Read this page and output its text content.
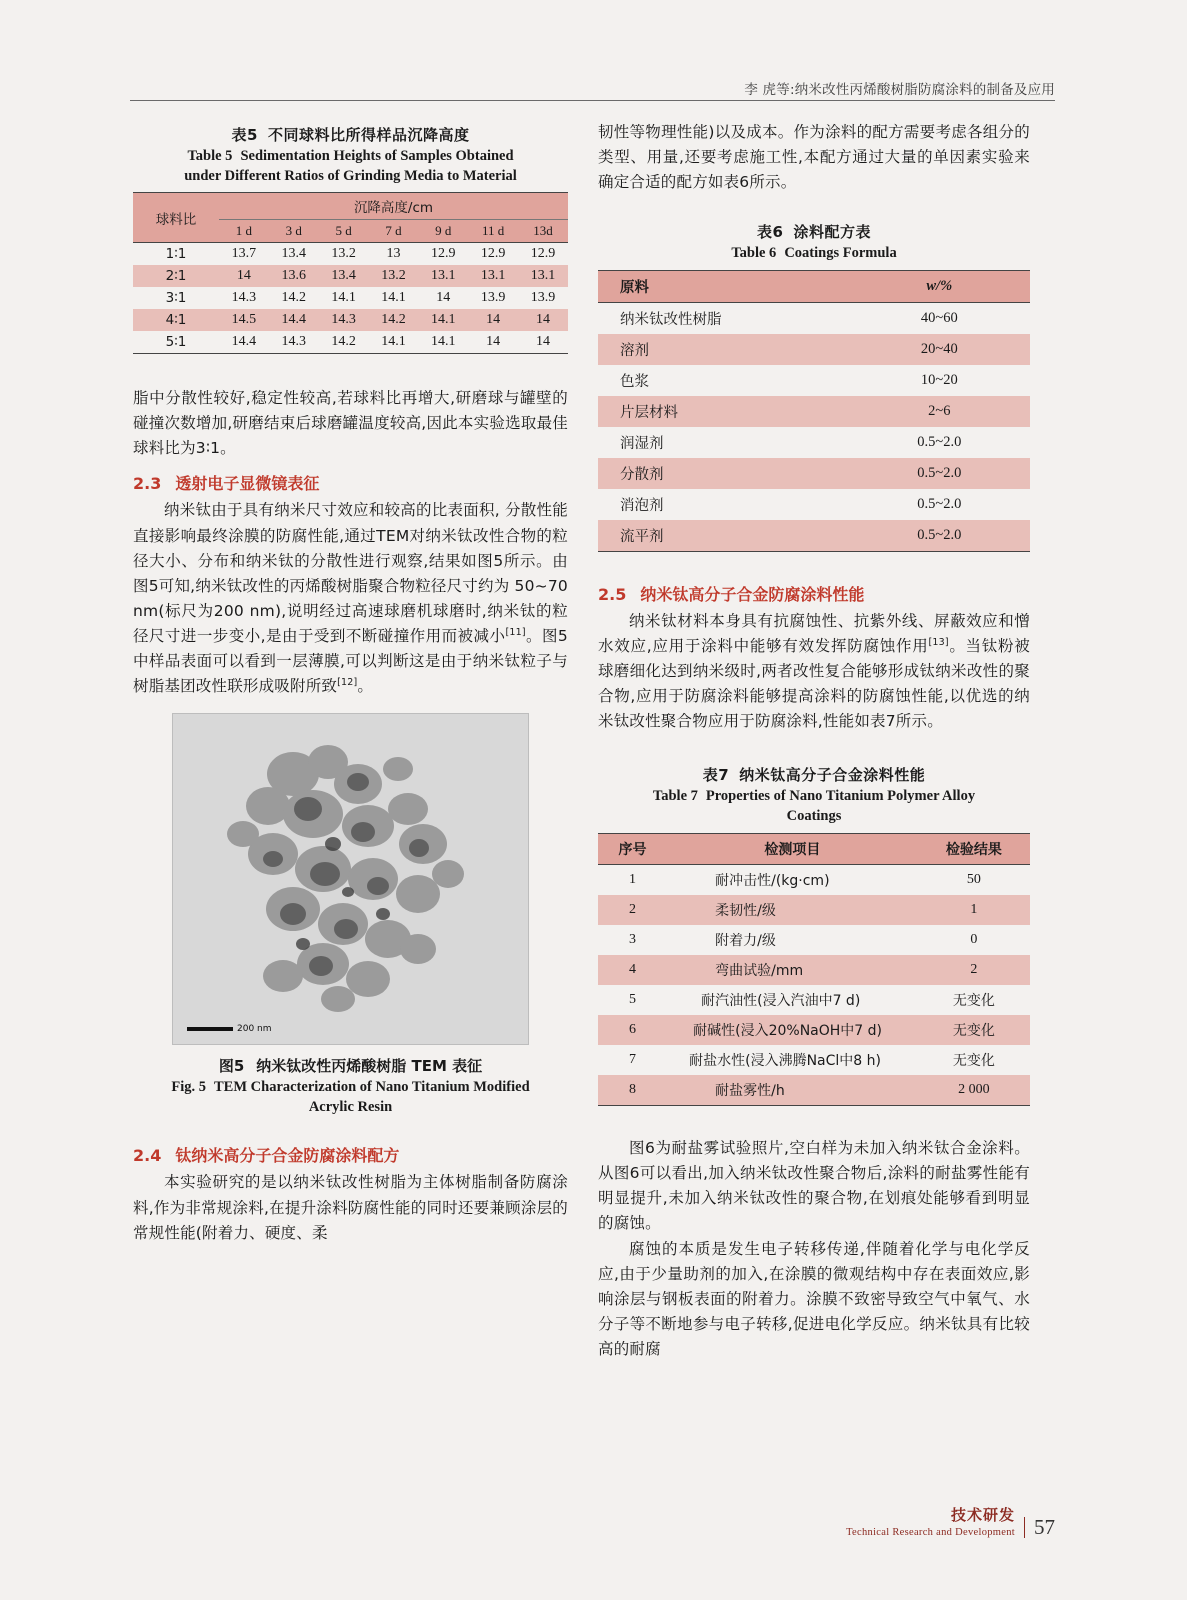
李 虎等:纳米改性丙烯酸树脂防腐涂料的制备及应用
表5 不同球料比所得样品沉降高度
Table 5 Sedimentation Heights of Samples Obtained
under Different Ratios of Grinding Media to Material
球料比	沉降高度/cm						
	1 d	3 d	5 d	7 d	9 d	11 d	13d
1∶1	13.7	13.4	13.2	13	12.9	12.9	12.9
2∶1	14	13.6	13.4	13.2	13.1	13.1	13.1
3∶1	14.3	14.2	14.1	14.1	14	13.9	13.9
4∶1	14.5	14.4	14.3	14.2	14.1	14	14
5∶1	14.4	14.3	14.2	14.1	14.1	14	14

脂中分散性较好,稳定性较高,若球料比再增大,研磨球与罐壁的碰撞次数增加,研磨结束后球磨罐温度较高,因此本实验选取最佳球料比为3∶1。

2.3 透射电子显微镜表征

纳米钛由于具有纳米尺寸效应和较高的比表面积, 分散性能直接影响最终涂膜的防腐性能,通过TEM对纳米钛改性合物的粒径大小、分布和纳米钛的分散性进行观察,结果如图5所示。由图5可知,纳米钛改性的丙烯酸树脂聚合物粒径尺寸约为 50~70 nm(标尺为200 nm),说明经过高速球磨机球磨时,纳米钛的粒径尺寸进一步变小,是由于受到不断碰撞作用而被减小[11]。图5中样品表面可以看到一层薄膜,可以判断这是由于纳米钛粒子与树脂基团改性联形成吸附所致[12]。

200 nm
图5 纳米钛改性丙烯酸树脂 TEM 表征
Fig. 5 TEM Characterization of Nano Titanium Modified
Acrylic Resin
2.4 钛纳米高分子合金防腐涂料配方

本实验研究的是以纳米钛改性树脂为主体树脂制备防腐涂料,作为非常规涂料,在提升涂料防腐性能的同时还要兼顾涂层的常规性能(附着力、硬度、柔

韧性等物理性能)以及成本。作为涂料的配方需要考虑各组分的类型、用量,还要考虑施工性,本配方通过大量的单因素实验来确定合适的配方如表6所示。

表6 涂料配方表
Table 6 Coatings Formula
原料	w/%
纳米钛改性树脂	40~60
溶剂	20~40
色浆	10~20
片层材料	2~6
润湿剂	0.5~2.0
分散剂	0.5~2.0
消泡剂	0.5~2.0
流平剂	0.5~2.0
2.5 纳米钛高分子合金防腐涂料性能

纳米钛材料本身具有抗腐蚀性、抗紫外线、屏蔽效应和憎水效应,应用于涂料中能够有效发挥防腐蚀作用[13]。当钛粉被球磨细化达到纳米级时,两者改性复合能够形成钛纳米改性的聚合物,应用于防腐涂料能够提高涂料的防腐蚀性能,以优选的纳米钛改性聚合物应用于防腐涂料,性能如表7所示。

表7 纳米钛高分子合金涂料性能
Table 7 Properties of Nano Titanium Polymer Alloy
Coatings
序号	检测项目	检验结果
1	耐冲击性/(kg·cm)	50
2	柔韧性/级	1
3	附着力/级	0
4	弯曲试验/mm	2
5	耐汽油性(浸入汽油中7 d)	无变化
6	耐碱性(浸入20%NaOH中7 d)	无变化
7	耐盐水性(浸入沸腾NaCl中8 h)	无变化
8	耐盐雾性/h	2 000

图6为耐盐雾试验照片,空白样为未加入纳米钛合金涂料。从图6可以看出,加入纳米钛改性聚合物后,涂料的耐盐雾性能有明显提升,未加入纳米钛改性的聚合物,在划痕处能够看到明显的腐蚀。

腐蚀的本质是发生电子转移传递,伴随着化学与电化学反应,由于少量助剂的加入,在涂膜的微观结构中存在表面效应,影响涂层与钢板表面的附着力。涂膜不致密导致空气中氧气、水分子等不断地参与电子转移,促进电化学反应。纳米钛具有比较高的耐腐

技术研发
Technical Research and Development 57
